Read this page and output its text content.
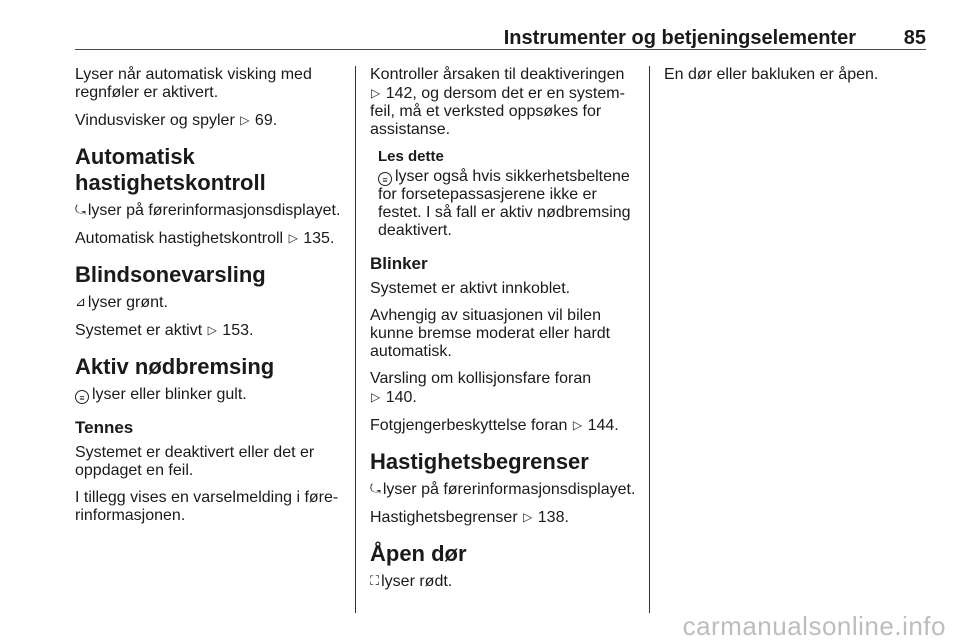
Instrumenter og betjeningselementer 85

Lyser når automatisk visking med regnføler er aktivert.

Vindusvisker og spyler ▷ 69.

Automatisk hastighetskontroll

⤿ lyser på førerinformasjonsdisplayet.

Automatisk hastighetskontroll ▷ 135.

Blindsonevarsling

⊿ lyser grønt.

Systemet er aktivt ▷ 153.

Aktiv nødbremsing

≡ lyser eller blinker gult.

Tennes

Systemet er deaktivert eller det er oppdaget en feil.

I tillegg vises en varselmelding i førerinformasjonen.

Kontroller årsaken til deaktiveringen ▷ 142, og dersom det er en systemfeil, må et verksted oppsøkes for assistanse.

Les dette
≡ lyser også hvis sikkerhetsbeltene for forsetepassasjerene ikke er festet. I så fall er aktiv nødbremsing deaktivert.
Blinker

Systemet er aktivt innkoblet.

Avhengig av situasjonen vil bilen kunne bremse moderat eller hardt automatisk.

Varsling om kollisjonsfare foran
▷ 140.

Fotgjengerbeskyttelse foran ▷ 144.

Hastighetsbegrenser

⤿ lyser på førerinformasjonsdisplayet.

Hastighetsbegrenser ▷ 138.

Åpen dør

⛶ lyser rødt.

En dør eller bakluken er åpen.

carmanualsonline.info
